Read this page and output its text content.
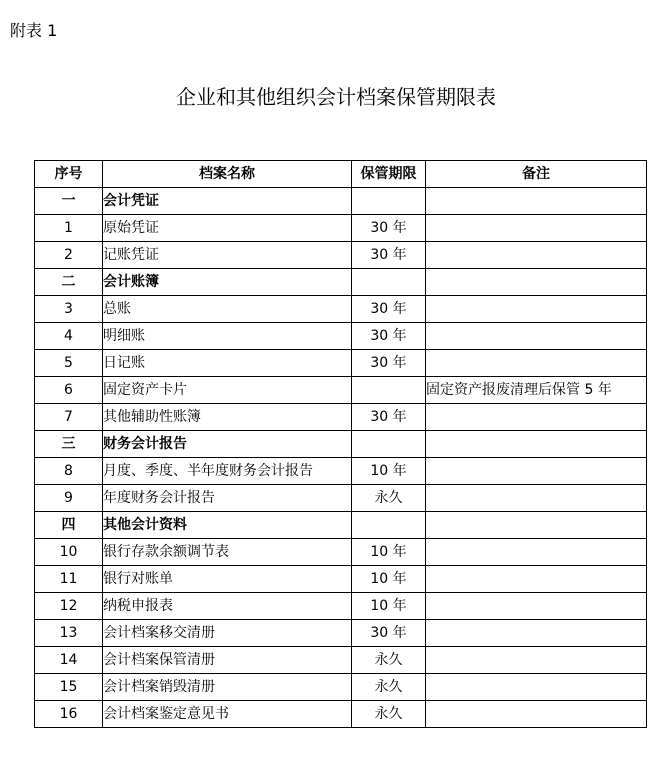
附表 1
企业和其他组织会计档案保管期限表
序号	档案名称	保管期限	备注
一	会计凭证		
1	原始凭证	30 年	
2	记账凭证	30 年	
二	会计账簿		
3	总账	30 年	
4	明细账	30 年	
5	日记账	30 年	
6	固定资产卡片		固定资产报废清理后保管 5 年
7	其他辅助性账簿	30 年	
三	财务会计报告		
8	月度、季度、半年度财务会计报告	10 年	
9	年度财务会计报告	永久	
四	其他会计资料		
10	银行存款余额调节表	10 年	
11	银行对账单	10 年	
12	纳税申报表	10 年	
13	会计档案移交清册	30 年	
14	会计档案保管清册	永久	
15	会计档案销毁清册	永久	
16	会计档案鉴定意见书	永久	
